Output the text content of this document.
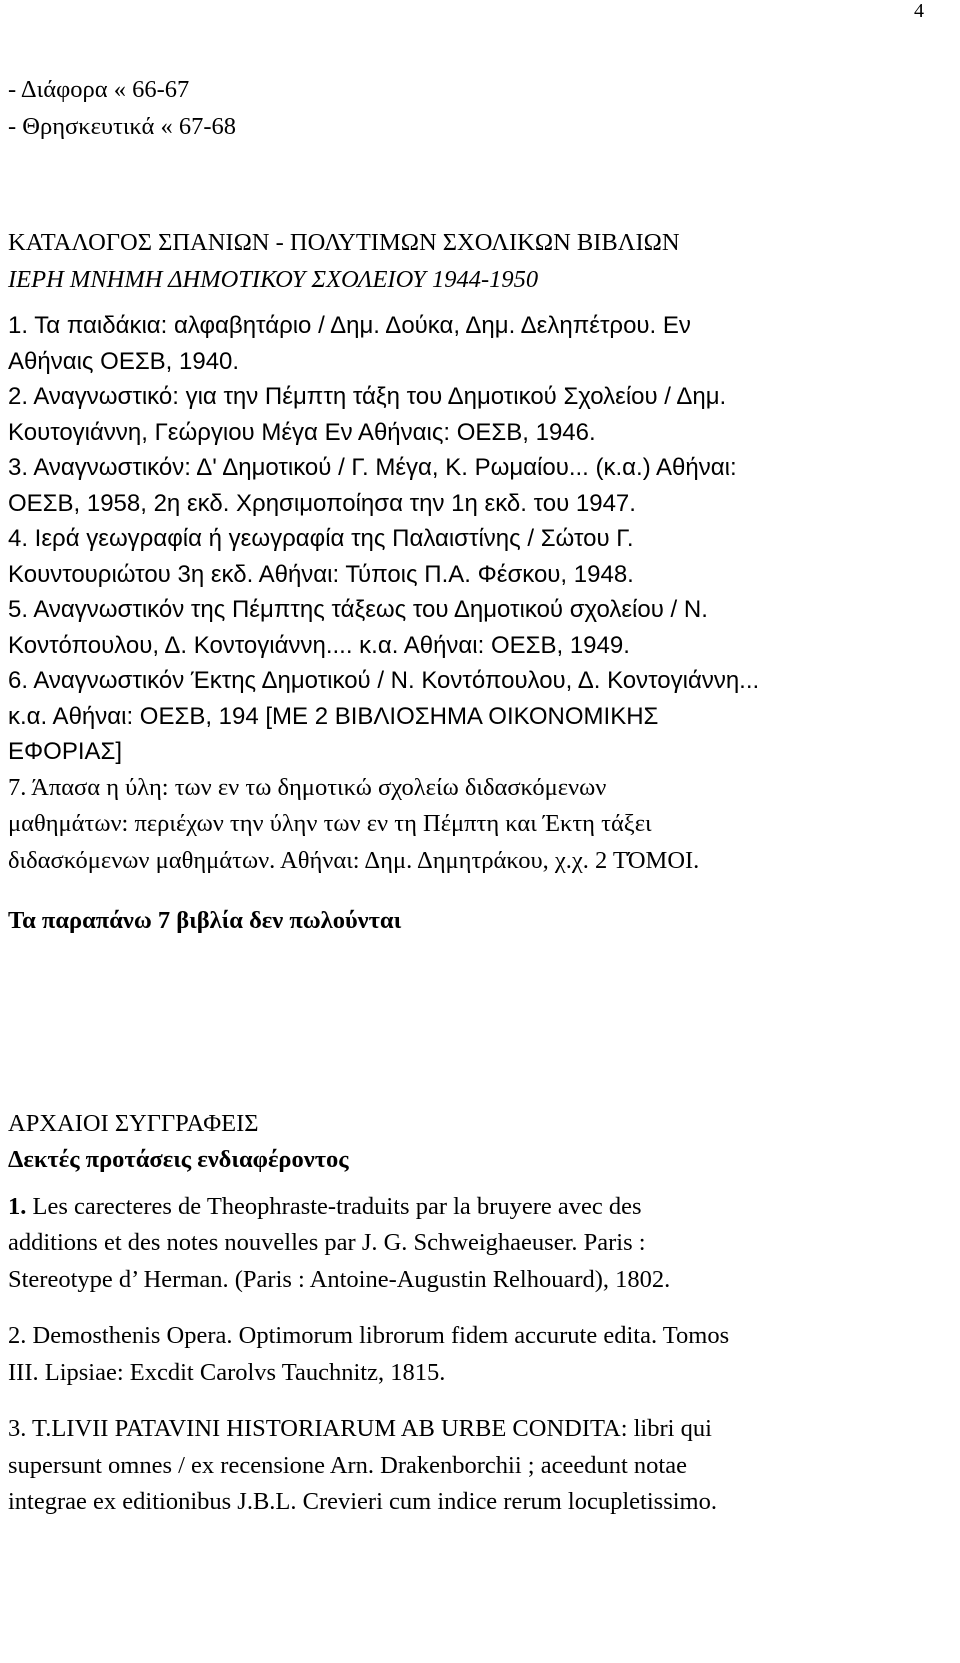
4
- Διάφορα « 66-67
- Θρησκευτικά « 67-68
ΚΑΤΑΛΟΓΟΣ ΣΠΑΝΙΩΝ - ΠΟΛΥΤΙΜΩΝ ΣΧΟΛΙΚΩΝ ΒΙΒΛΙΩΝ
ΙΕΡΗ ΜΝΗΜΗ ΔΗΜΟΤΙΚΟΥ ΣΧΟΛΕΙΟΥ 1944-1950
1. Τα παιδάκια: αλφαβητάριο / Δημ. Δούκα, Δημ. Δεληπέτρου. Εν
Αθήναις ΟΕΣΒ, 1940.
2. Αναγνωστικό: για την Πέμπτη τάξη του Δημοτικού Σχολείου / Δημ.
Κουτογιάννη, Γεώργιου Μέγα Εν Αθήναις: ΟΕΣΒ, 1946.
3. Αναγνωστικόν: Δ' Δημοτικού / Γ. Μέγα, Κ. Ρωμαίου... (κ.α.) Αθήναι:
ΟΕΣΒ, 1958, 2η εκδ. Χρησιμοποίησα την 1η εκδ. του 1947.
4. Ιερά γεωγραφία ή γεωγραφία της Παλαιστίνης / Σώτου Γ.
Κουντουριώτου 3η εκδ. Αθήναι: Τύποις Π.Α. Φέσκου, 1948.
5. Αναγνωστικόν της Πέμπτης τάξεως του Δημοτικού σχολείου / Ν.
Κοντόπουλου, Δ. Κοντογιάννη.... κ.α. Αθήναι: ΟΕΣΒ, 1949.
6. Αναγνωστικόν Έκτης Δημοτικού / Ν. Κοντόπουλου, Δ. Κοντογιάννη...
κ.α. Αθήναι: ΟΕΣΒ, 194 [ΜΕ 2 ΒΙΒΛΙΟΣΗΜΑ ΟΙΚΟΝΟΜΙΚΗΣ
ΕΦΟΡΙΑΣ]
7. Άπασα η ύλη: των εν τω δημοτικώ σχολείω διδασκόμενων
μαθημάτων: περιέχων την ύλην των εν τη Πέμπτη και Έκτη τάξει
διδασκόμενων μαθημάτων. Αθήναι: Δημ. Δημητράκου, χ.χ. 2 ΤΌΜΟΙ.
Τα παραπάνω 7 βιβλία δεν πωλούνται
ΑΡΧΑΙΟΙ ΣΥΓΓΡΑΦΕΙΣ
Δεκτές προτάσεις ενδιαφέροντος
1. Les carecteres de Theophraste-traduits par la bruyere avec des
additions et des notes nouvelles par J. G. Schweighaeuser. Paris :
Stereotype d’ Herman. (Paris : Antoine-Augustin Relhouard), 1802.
2. Demosthenis Opera. Optimorum librorum fidem accurute edita. Tomos
III. Lipsiae: Excdit Carolvs Tauchnitz, 1815.
3. T.LIVII PATAVINI HISTORIARUM AB URBE CONDITA: libri qui
supersunt omnes / ex recensione Arn. Drakenborchii ; aceedunt notae
integrae ex editionibus J.B.L. Crevieri cum indice rerum locupletissimo.
